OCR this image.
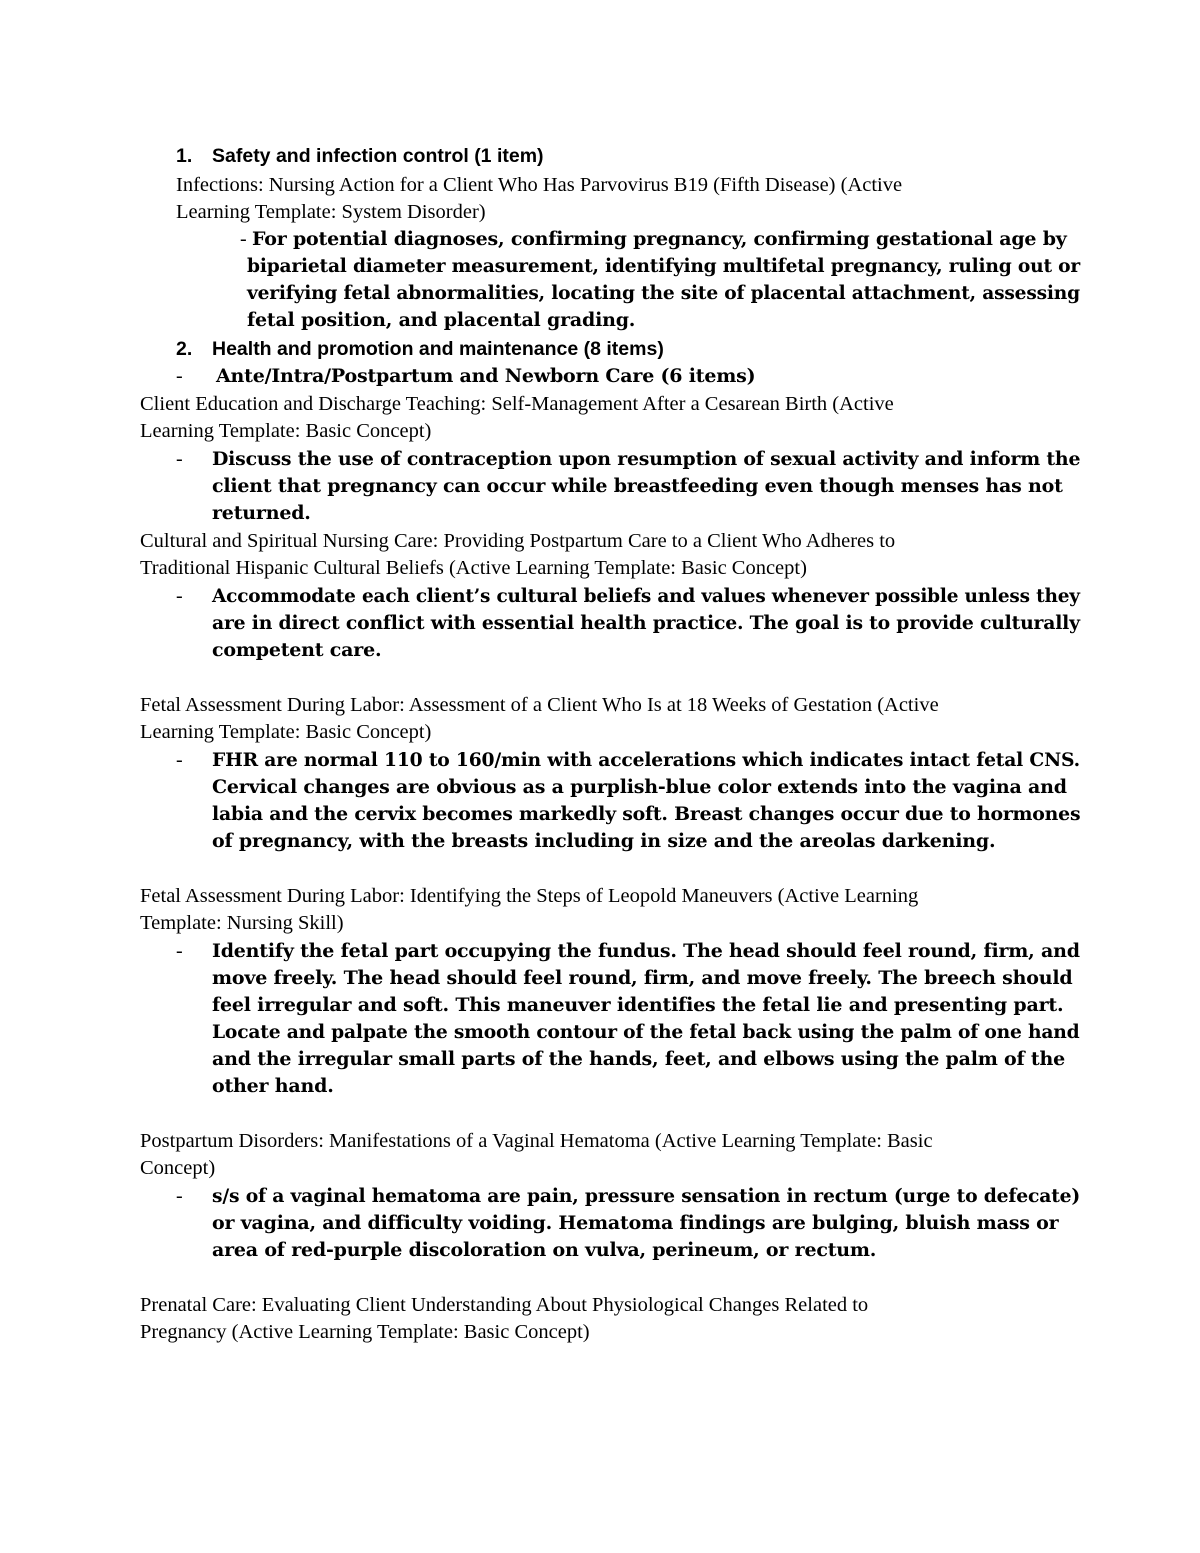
1. Safety and infection control (1 item)
Infections: Nursing Action for a Client Who Has Parvovirus B19 (Fifth Disease) (Active
Learning Template: System Disorder)
- For potential diagnoses, confirming pregnancy, confirming gestational age by
biparietal diameter measurement, identifying multifetal pregnancy, ruling out or
verifying fetal abnormalities, locating the site of placental attachment, assessing
fetal position, and placental grading.
2. Health and promotion and maintenance (8 items)
- Ante/Intra/Postpartum and Newborn Care (6 items)
Client Education and Discharge Teaching: Self-Management After a Cesarean Birth (Active
Learning Template: Basic Concept)
- Discuss the use of contraception upon resumption of sexual activity and inform the
client that pregnancy can occur while breastfeeding even though menses has not
returned.
Cultural and Spiritual Nursing Care: Providing Postpartum Care to a Client Who Adheres to
Traditional Hispanic Cultural Beliefs (Active Learning Template: Basic Concept)
- Accommodate each client’s cultural beliefs and values whenever possible unless they
are in direct conflict with essential health practice. The goal is to provide culturally
competent care.
Fetal Assessment During Labor: Assessment of a Client Who Is at 18 Weeks of Gestation (Active
Learning Template: Basic Concept)
- FHR are normal 110 to 160/min with accelerations which indicates intact fetal CNS.
Cervical changes are obvious as a purplish-blue color extends into the vagina and
labia and the cervix becomes markedly soft. Breast changes occur due to hormones
of pregnancy, with the breasts including in size and the areolas darkening.
Fetal Assessment During Labor: Identifying the Steps of Leopold Maneuvers (Active Learning
Template: Nursing Skill)
- Identify the fetal part occupying the fundus. The head should feel round, firm, and
move freely. The head should feel round, firm, and move freely. The breech should
feel irregular and soft. This maneuver identifies the fetal lie and presenting part.
Locate and palpate the smooth contour of the fetal back using the palm of one hand
and the irregular small parts of the hands, feet, and elbows using the palm of the
other hand.
Postpartum Disorders: Manifestations of a Vaginal Hematoma (Active Learning Template: Basic
Concept)
- s/s of a vaginal hematoma are pain, pressure sensation in rectum (urge to defecate)
or vagina, and difficulty voiding. Hematoma findings are bulging, bluish mass or
area of red-purple discoloration on vulva, perineum, or rectum.
Prenatal Care: Evaluating Client Understanding About Physiological Changes Related to
Pregnancy (Active Learning Template: Basic Concept)
